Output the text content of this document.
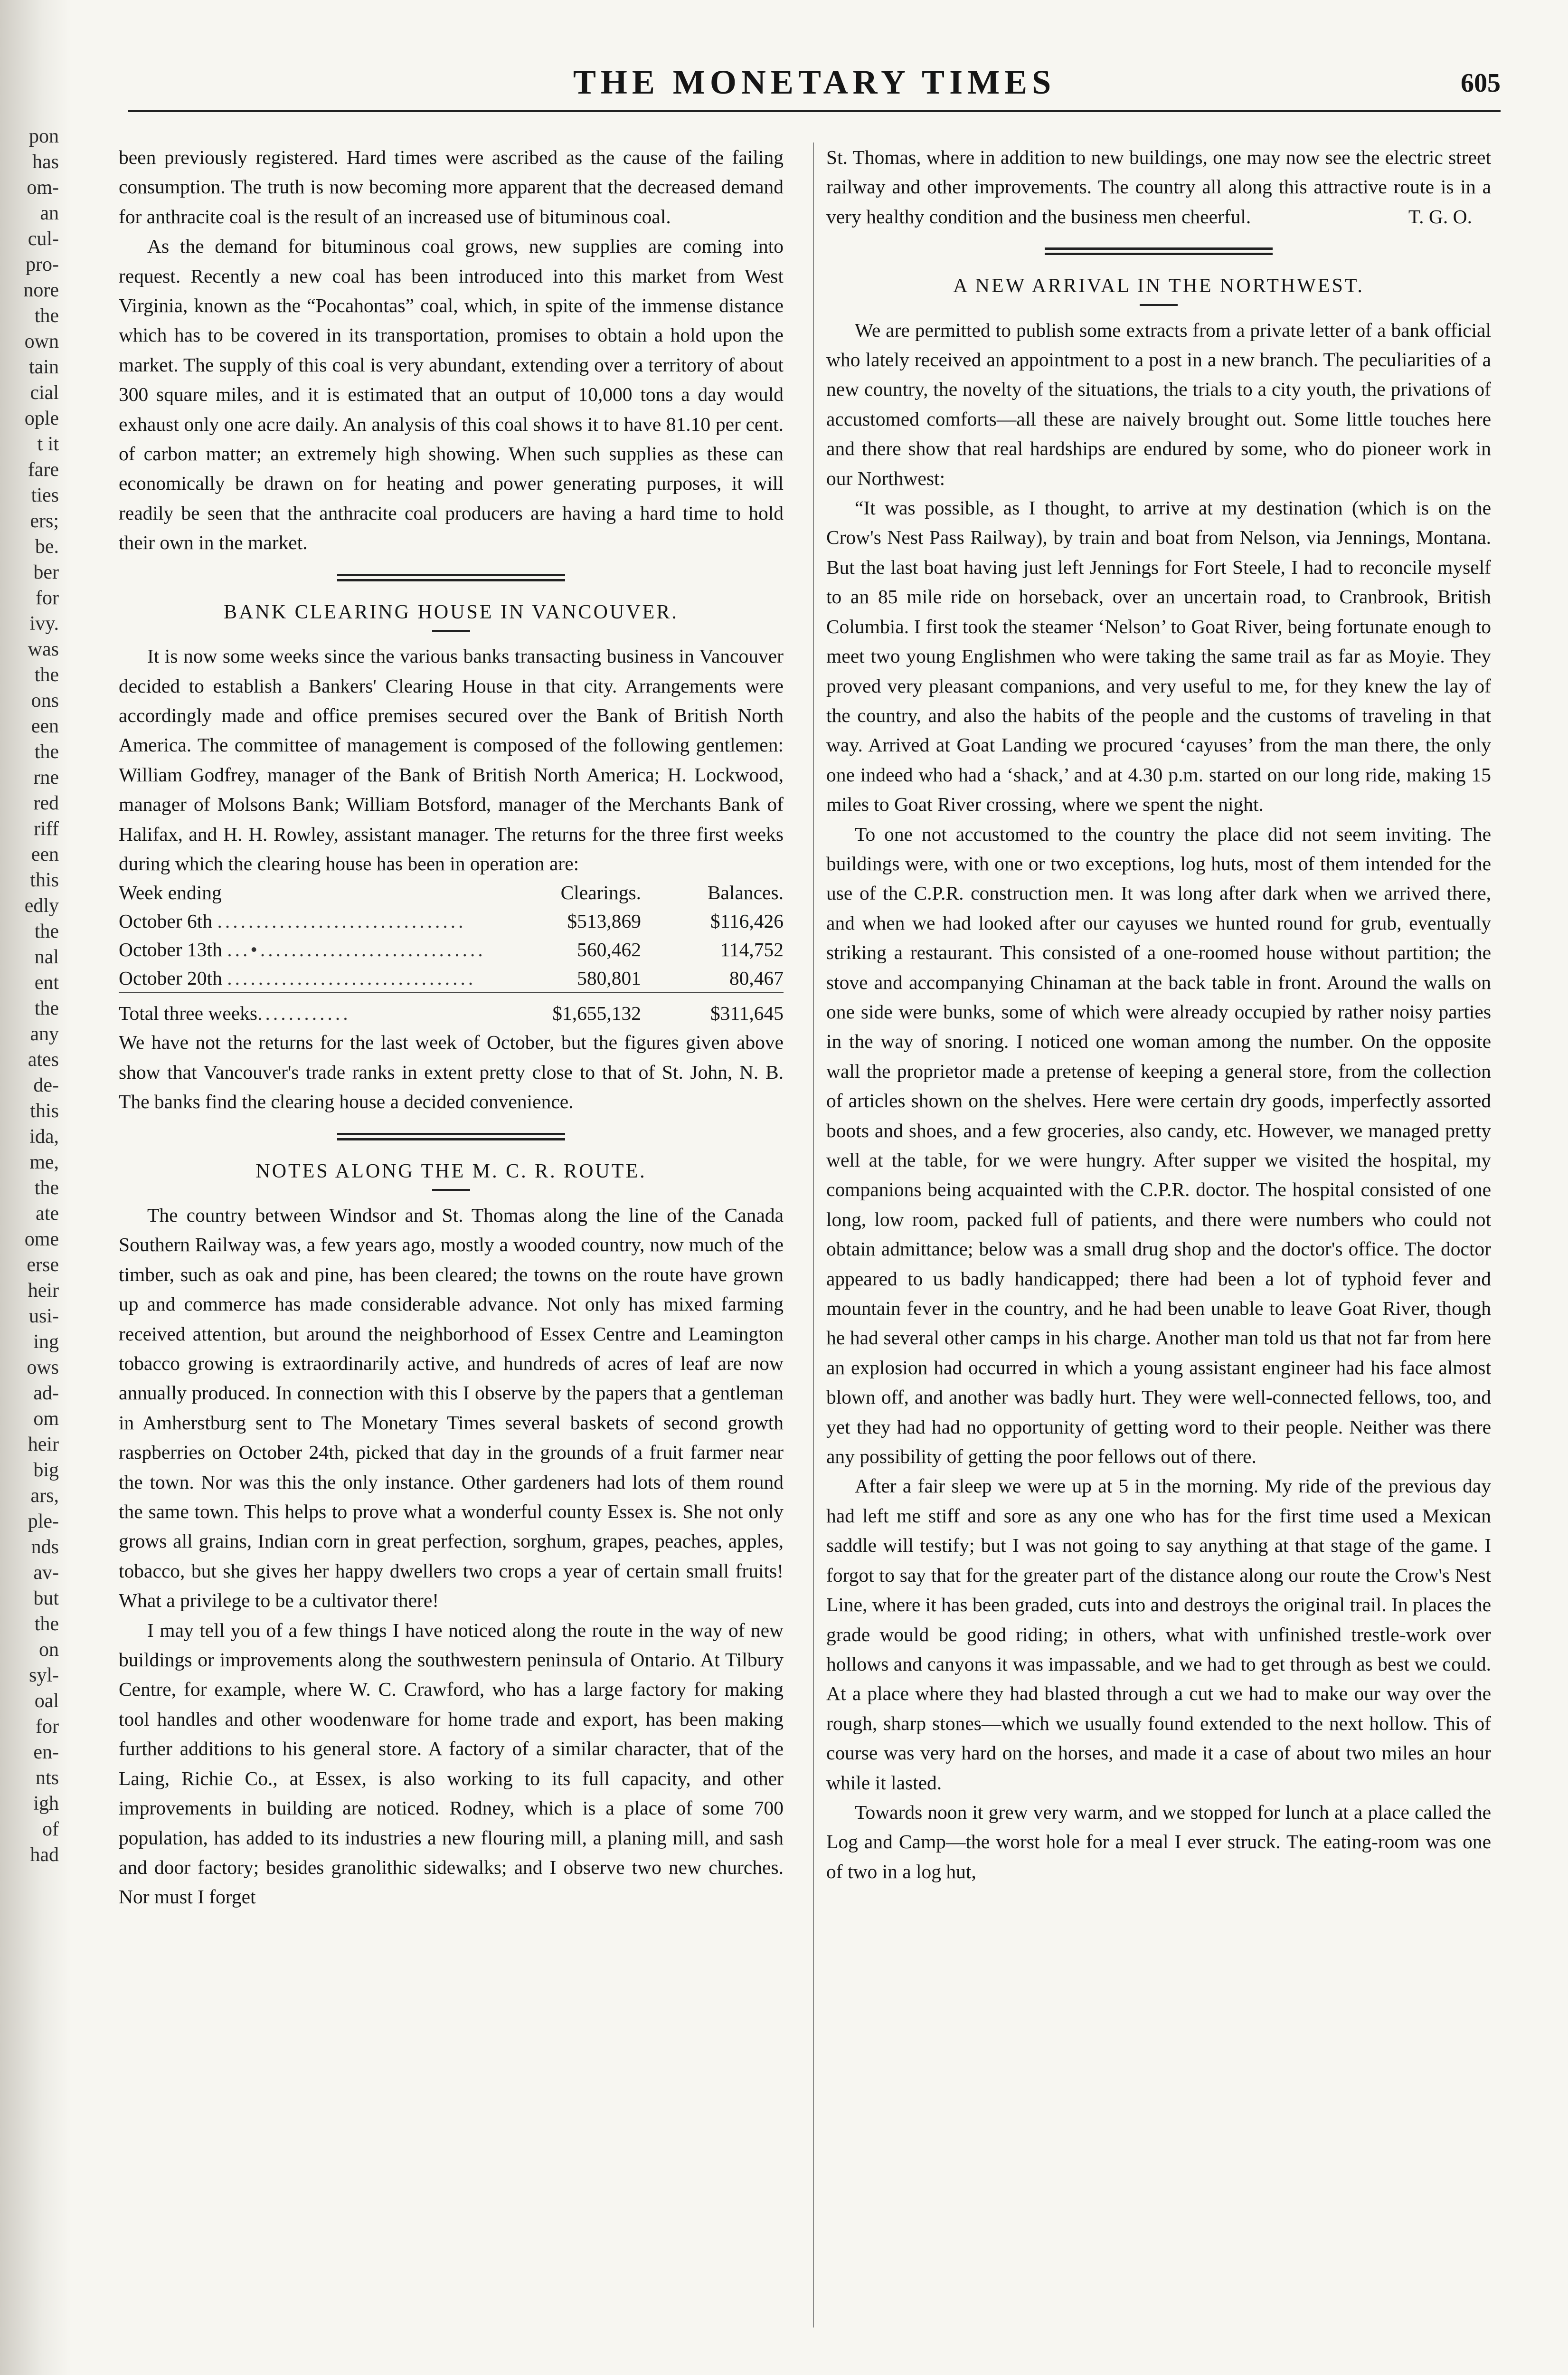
pon
has
om-
an
cul-
pro-
nore
the
own
tain
cial
ople
t it
fare
ties
ers;
be.
ber
for
ivy.
was
the
ons
een
the
rne
red
riff
een
this
edly
the
nal
ent
the
any
ates
de-
this
ida,
me,
the
ate
ome
erse
heir
usi-
ing
ows
ad-
om
heir
big
ars,
ple-
nds
av-
but
the
on
syl-
oal
for
en-
nts
igh
of
had
THE MONETARY TIMES	605

been previously registered. Hard times were ascribed as the cause of the failing consumption. The truth is now becoming more apparent that the decreased demand for anthracite coal is the result of an increased use of bituminous coal.

As the demand for bituminous coal grows, new supplies are coming into request. Recently a new coal has been introduced into this market from West Virginia, known as the “Pocahontas” coal, which, in spite of the immense distance which has to be covered in its transportation, promises to obtain a hold upon the market. The supply of this coal is very abundant, extending over a territory of about 300 square miles, and it is estimated that an output of 10,000 tons a day would exhaust only one acre daily. An analysis of this coal shows it to have 81.10 per cent. of carbon matter; an extremely high showing. When such supplies as these can economically be drawn on for heating and power generating purposes, it will readily be seen that the anthracite coal producers are having a hard time to hold their own in the market.

BANK CLEARING HOUSE IN VANCOUVER.

It is now some weeks since the various banks transacting business in Vancouver decided to establish a Bankers' Clearing House in that city. Arrangements were accordingly made and office premises secured over the Bank of British North America. The committee of management is composed of the following gentlemen: William Godfrey, manager of the Bank of British North America; H. Lockwood, manager of Molsons Bank; William Botsford, manager of the Merchants Bank of Halifax, and H. H. Rowley, assistant manager. The returns for the three first weeks during which the clearing house has been in operation are:

Week ending	Clearings.	Balances.
October 6th ................................	$513,869	$116,426
October 13th ...•.............................	560,462	114,752
October 20th ................................	580,801	80,467

Total three weeks............	$1,655,132	$311,645

We have not the returns for the last week of October, but the figures given above show that Vancouver's trade ranks in extent pretty close to that of St. John, N. B. The banks find the clearing house a decided convenience.

NOTES ALONG THE M. C. R. ROUTE.

The country between Windsor and St. Thomas along the line of the Canada Southern Railway was, a few years ago, mostly a wooded country, now much of the timber, such as oak and pine, has been cleared; the towns on the route have grown up and commerce has made considerable advance. Not only has mixed farming received attention, but around the neighborhood of Essex Centre and Leamington tobacco growing is extraordinarily active, and hundreds of acres of leaf are now annually produced. In connection with this I observe by the papers that a gentleman in Amherstburg sent to The Monetary Times several baskets of second growth raspberries on October 24th, picked that day in the grounds of a fruit farmer near the town. Nor was this the only instance. Other gardeners had lots of them round the same town. This helps to prove what a wonderful county Essex is. She not only grows all grains, Indian corn in great perfection, sorghum, grapes, peaches, apples, tobacco, but she gives her happy dwellers two crops a year of certain small fruits! What a privilege to be a cultivator there!

I may tell you of a few things I have noticed along the route in the way of new buildings or improvements along the southwestern peninsula of Ontario. At Tilbury Centre, for example, where W. C. Crawford, who has a large factory for making tool handles and other woodenware for home trade and export, has been making further additions to his general store. A factory of a similar character, that of the Laing, Richie Co., at Essex, is also working to its full capacity, and other improvements in building are noticed. Rodney, which is a place of some 700 population, has added to its industries a new flouring mill, a planing mill, and sash and door factory; besides granolithic sidewalks; and I observe two new churches. Nor must I forget

St. Thomas, where in addition to new buildings, one may now see the electric street railway and other improvements. The country all along this attractive route is in a very healthy condition and the business men cheerful.	T. G. O.

A NEW ARRIVAL IN THE NORTHWEST.

We are permitted to publish some extracts from a private letter of a bank official who lately received an appointment to a post in a new branch. The peculiarities of a new country, the novelty of the situations, the trials to a city youth, the privations of accustomed comforts—all these are naively brought out. Some little touches here and there show that real hardships are endured by some, who do pioneer work in our Northwest:

“It was possible, as I thought, to arrive at my destination (which is on the Crow's Nest Pass Railway), by train and boat from Nelson, via Jennings, Montana. But the last boat having just left Jennings for Fort Steele, I had to reconcile myself to an 85 mile ride on horseback, over an uncertain road, to Cranbrook, British Columbia. I first took the steamer ‘Nelson’ to Goat River, being fortunate enough to meet two young Englishmen who were taking the same trail as far as Moyie. They proved very pleasant companions, and very useful to me, for they knew the lay of the country, and also the habits of the people and the customs of traveling in that way. Arrived at Goat Landing we procured ‘cayuses’ from the man there, the only one indeed who had a ‘shack,’ and at 4.30 p.m. started on our long ride, making 15 miles to Goat River crossing, where we spent the night.

To one not accustomed to the country the place did not seem inviting. The buildings were, with one or two exceptions, log huts, most of them intended for the use of the C.P.R. construction men. It was long after dark when we arrived there, and when we had looked after our cayuses we hunted round for grub, eventually striking a restaurant. This consisted of a one-roomed house without partition; the stove and accompanying Chinaman at the back table in front. Around the walls on one side were bunks, some of which were already occupied by rather noisy parties in the way of snoring. I noticed one woman among the number. On the opposite wall the proprietor made a pretense of keeping a general store, from the collection of articles shown on the shelves. Here were certain dry goods, imperfectly assorted boots and shoes, and a few groceries, also candy, etc. However, we managed pretty well at the table, for we were hungry. After supper we visited the hospital, my companions being acquainted with the C.P.R. doctor. The hospital consisted of one long, low room, packed full of patients, and there were numbers who could not obtain admittance; below was a small drug shop and the doctor's office. The doctor appeared to us badly handicapped; there had been a lot of typhoid fever and mountain fever in the country, and he had been unable to leave Goat River, though he had several other camps in his charge. Another man told us that not far from here an explosion had occurred in which a young assistant engineer had his face almost blown off, and another was badly hurt. They were well-connected fellows, too, and yet they had had no opportunity of getting word to their people. Neither was there any possibility of getting the poor fellows out of there.

After a fair sleep we were up at 5 in the morning. My ride of the previous day had left me stiff and sore as any one who has for the first time used a Mexican saddle will testify; but I was not going to say anything at that stage of the game. I forgot to say that for the greater part of the distance along our route the Crow's Nest Line, where it has been graded, cuts into and destroys the original trail. In places the grade would be good riding; in others, what with unfinished trestle-work over hollows and canyons it was impassable, and we had to get through as best we could. At a place where they had blasted through a cut we had to make our way over the rough, sharp stones—which we usually found extended to the next hollow. This of course was very hard on the horses, and made it a case of about two miles an hour while it lasted.

Towards noon it grew very warm, and we stopped for lunch at a place called the Log and Camp—the worst hole for a meal I ever struck. The eating-room was one of two in a log hut,
